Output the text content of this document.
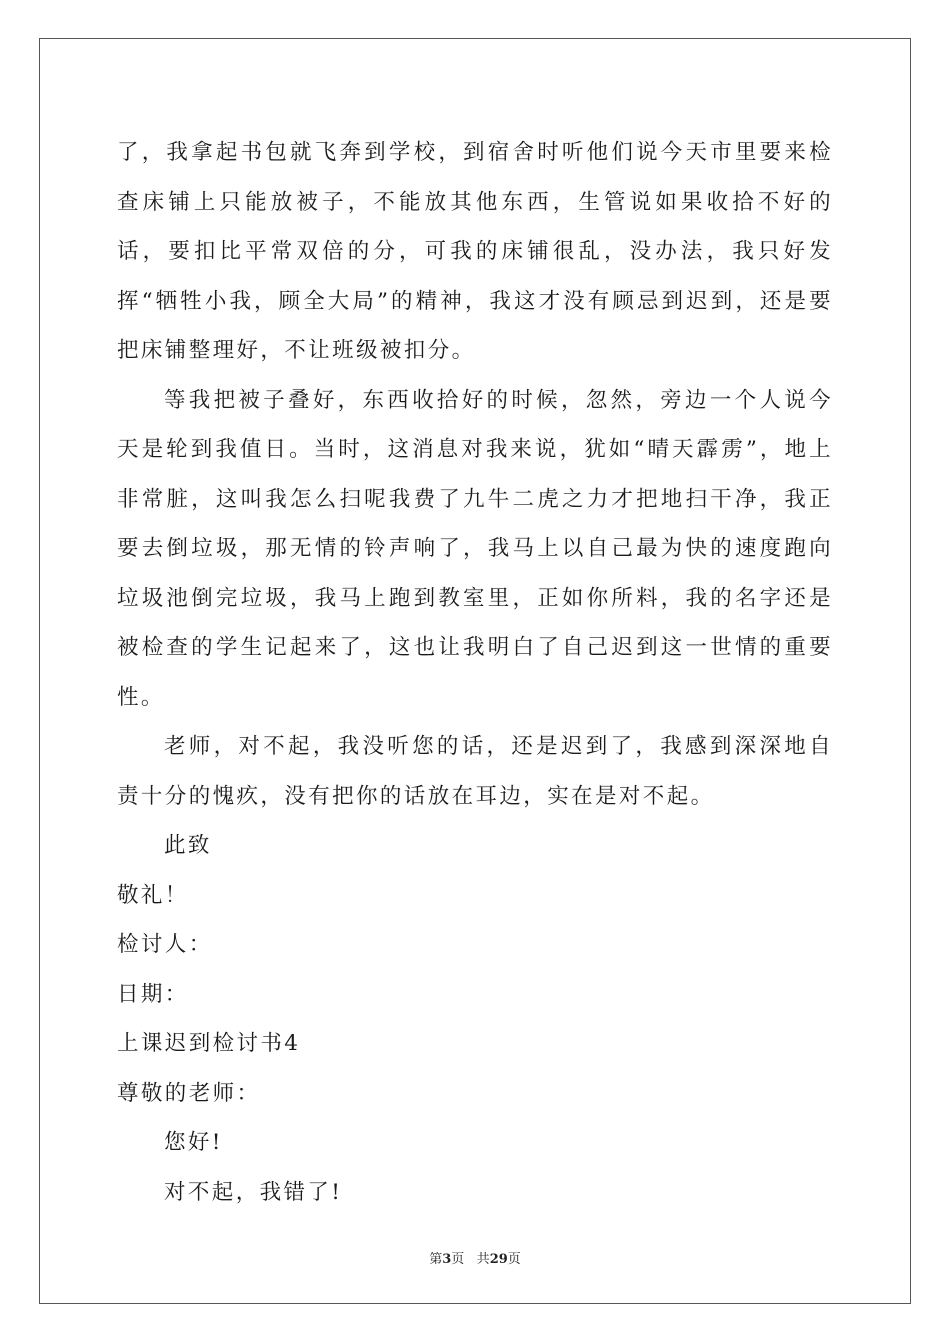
了，我拿起书包就飞奔到学校，到宿舍时听他们说今天市里要来检查床铺上只能放被子，不能放其他东西，生管说如果收拾不好的话，要扣比平常双倍的分，可我的床铺很乱，没办法，我只好发挥“牺牲小我，顾全大局”的精神，我这才没有顾忌到迟到，还是要把床铺整理好，不让班级被扣分。

等我把被子叠好，东西收拾好的时候，忽然，旁边一个人说今天是轮到我值日。当时，这消息对我来说，犹如“晴天霹雳”，地上非常脏，这叫我怎么扫呢我费了九牛二虎之力才把地扫干净，我正要去倒垃圾，那无情的铃声响了，我马上以自己最为快的速度跑向垃圾池倒完垃圾，我马上跑到教室里，正如你所料，我的名字还是被检查的学生记起来了，这也让我明白了自己迟到这一世情的重要性。

老师，对不起，我没听您的话，还是迟到了，我感到深深地自责十分的愧疚，没有把你的话放在耳边，实在是对不起。

此致

敬礼！

检讨人：

日期：

上课迟到检讨书4

尊敬的老师：

您好!

对不起，我错了!

第3页 共29页
